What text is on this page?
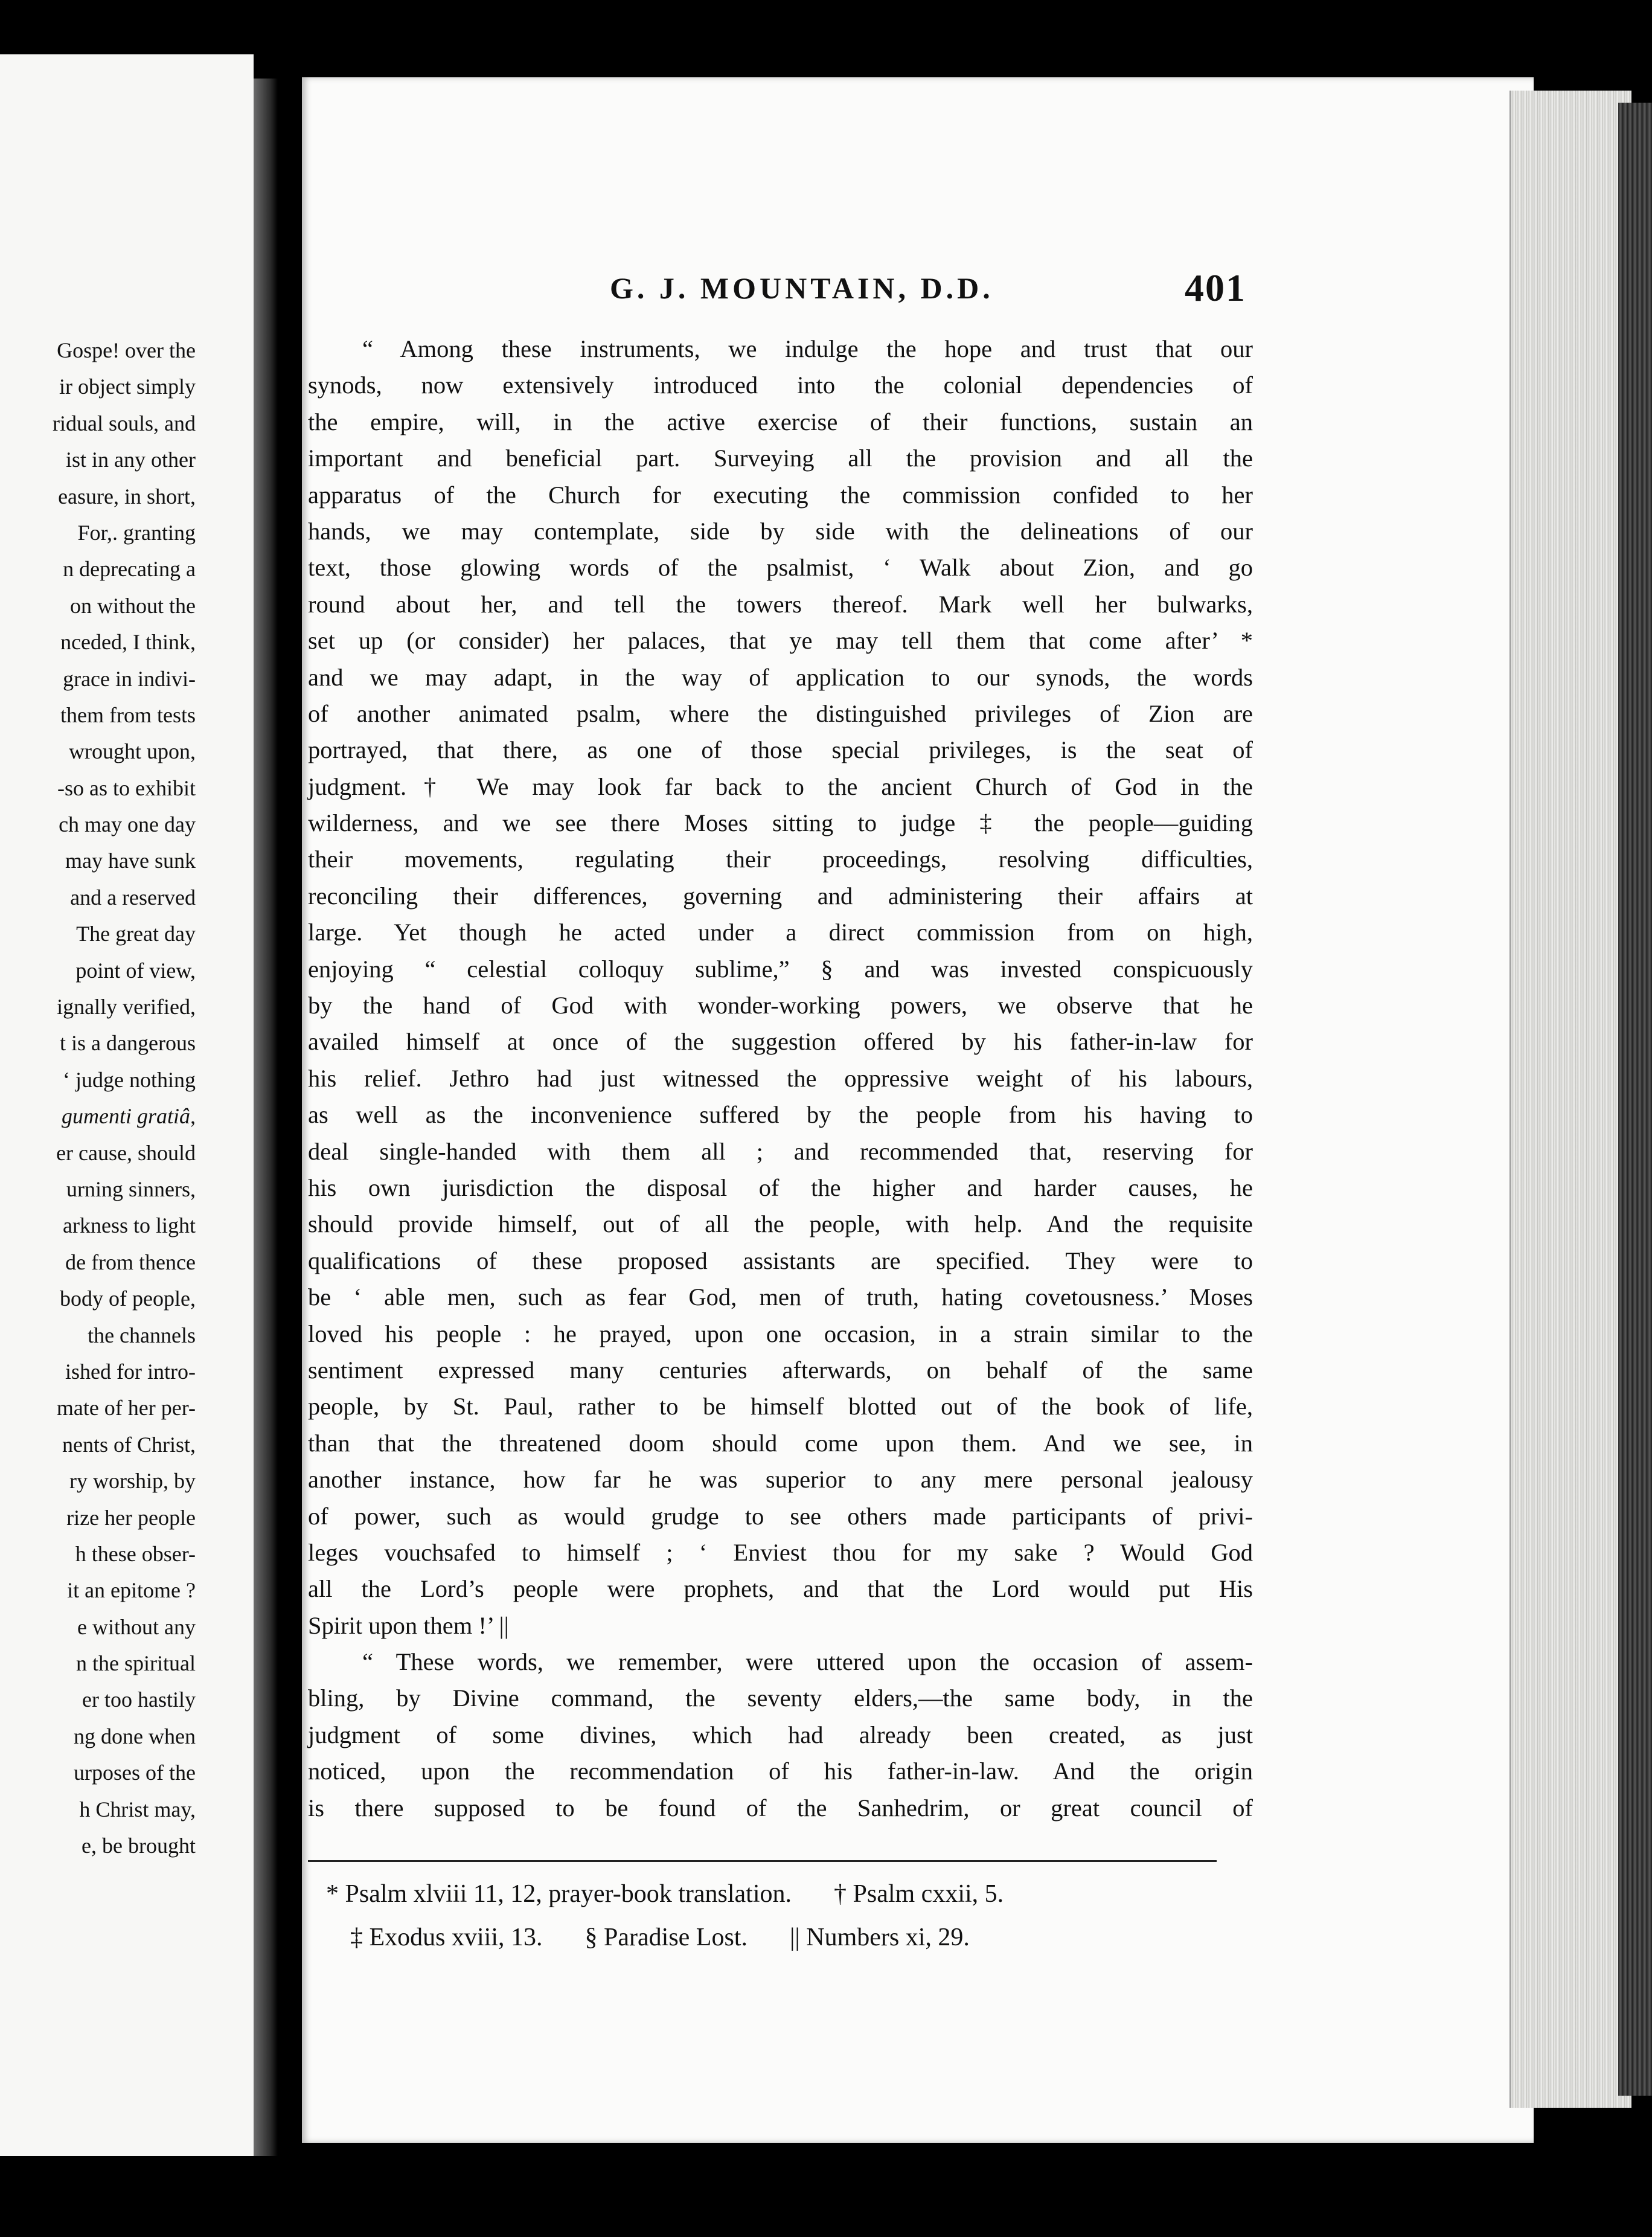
Gospe! over the
ir object simply
ridual souls, and
ist in any other
easure, in short,
For,. granting
n deprecating a
on without the
nceded, I think,
grace in indivi-
them from tests
wrought upon,
-so as to exhibit
ch may one day
may have sunk
and a reserved
The great day
point of view,
ignally verified,
t is a dangerous
‘ judge nothing
gumenti gratiâ,
er cause, should
urning sinners,
arkness to light
de from thence
body of people,
the channels
ished for intro-
mate of her per-
nents of Christ,
ry worship, by
rize her people
h these obser-
it an epitome ?
e without any
n the spiritual
er too hastily
ng done when
urposes of the
h Christ may,
e, be brought
G. J. MOUNTAIN, D.D.	401
“ Among these instruments, we indulge the hope and trust that our
synods, now extensively introduced into the colonial dependencies of
the empire, will, in the active exercise of their functions, sustain an
important and beneficial part. Surveying all the provision and all the
apparatus of the Church for executing the commission confided to her
hands, we may contemplate, side by side with the delineations of our
text, those glowing words of the psalmist, ‘ Walk about Zion, and go
round about her, and tell the towers thereof. Mark well her bulwarks,
set up (or consider) her palaces, that ye may tell them that come after’ *
and we may adapt, in the way of application to our synods, the words
of another animated psalm, where the distinguished privileges of Zion are
portrayed, that there, as one of those special privileges, is the seat of
judgment.† We may look far back to the ancient Church of God in the
wilderness, and we see there Moses sitting to judge ‡ the people—guiding
their movements, regulating their proceedings, resolving difficulties,
reconciling their differences, governing and administering their affairs at
large. Yet though he acted under a direct commission from on high,
enjoying “ celestial colloquy sublime,” § and was invested conspicuously
by the hand of God with wonder-working powers, we observe that he
availed himself at once of the suggestion offered by his father-in-law for
his relief. Jethro had just witnessed the oppressive weight of his labours,
as well as the inconvenience suffered by the people from his having to
deal single-handed with them all ; and recommended that, reserving for
his own jurisdiction the disposal of the higher and harder causes, he
should provide himself, out of all the people, with help. And the requisite
qualifications of these proposed assistants are specified. They were to
be ‘ able men, such as fear God, men of truth, hating covetousness.’ Moses
loved his people : he prayed, upon one occasion, in a strain similar to the
sentiment expressed many centuries afterwards, on behalf of the same
people, by St. Paul, rather to be himself blotted out of the book of life,
than that the threatened doom should come upon them. And we see, in
another instance, how far he was superior to any mere personal jealousy
of power, such as would grudge to see others made participants of privi-
leges vouchsafed to himself ; ‘ Enviest thou for my sake ? Would God
all the Lord’s people were prophets, and that the Lord would put His
Spirit upon them !’ ||
“ These words, we remember, were uttered upon the occasion of assem-
bling, by Divine command, the seventy elders,—the same body, in the
judgment of some divines, which had already been created, as just
noticed, upon the recommendation of his father-in-law. And the origin
is there supposed to be found of the Sanhedrim, or great council of
* Psalm xlviii 11, 12, prayer-book translation. † Psalm cxxii, 5.
‡ Exodus xviii, 13. § Paradise Lost. || Numbers xi, 29.
